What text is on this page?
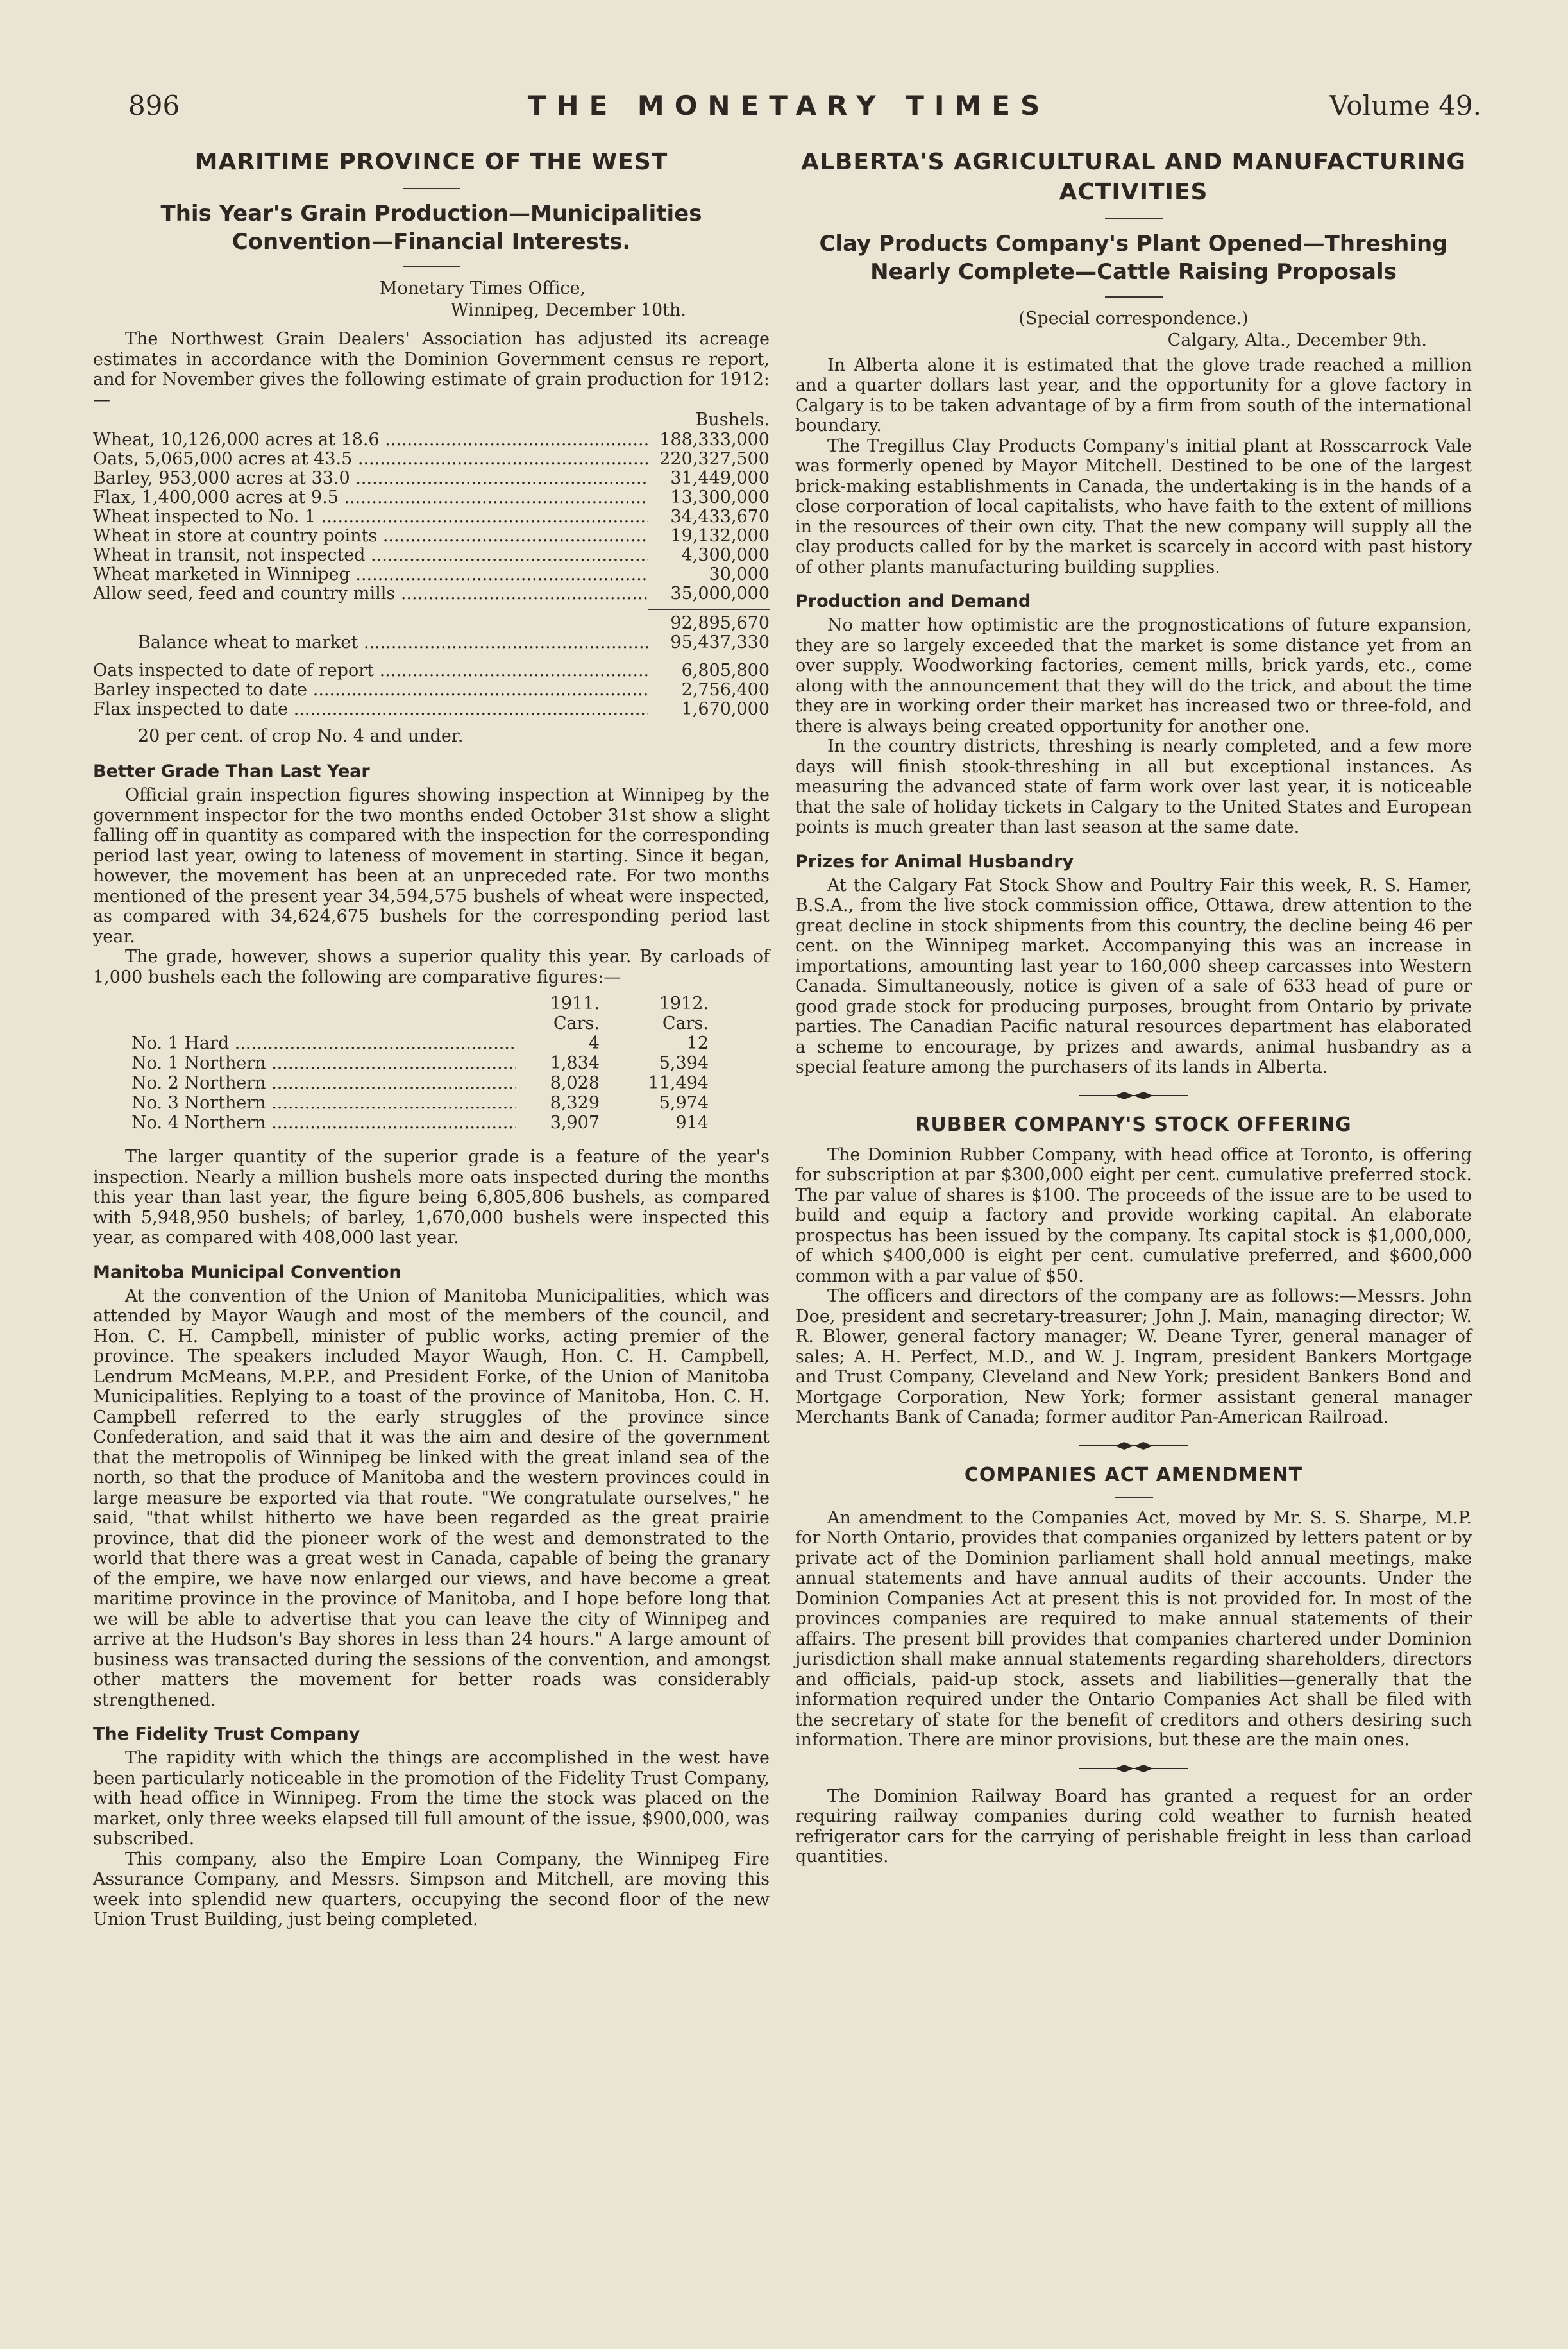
896	THE MONETARY TIMES	Volume 49.
MARITIME PROVINCE OF THE WEST
This Year's Grain Production—Municipalities Convention—Financial Interests.
Monetary Times Office,
Winnipeg, December 10th.

The Northwest Grain Dealers' Association has adjusted its acreage estimates in accordance with the Dominion Government census re report, and for November gives the following estimate of grain production for 1912:—

Bushels.
Wheat, 10,126,000 acres at 18.6 .....	188,333,000
Oats, 5,065,000 acres at 43.5 .....	220,327,500
Barley, 953,000 acres at 33.0 .....	31,449,000
Flax, 1,400,000 acres at 9.5 .....	13,300,000
Wheat inspected to No. 1 .....	34,433,670
Wheat in store at country points .....	19,132,000
Wheat in transit, not inspected .....	4,300,000
Wheat marketed in Winnipeg .....	30,000
Allow seed, feed and country mills .....	35,000,000
92,895,670
Balance wheat to market .....	95,437,330
Oats inspected to date of report .....	6,805,800
Barley inspected to date .....	2,756,400
Flax inspected to date .....	1,670,000
20 per cent. of crop No. 4 and under.
Better Grade Than Last Year

Official grain inspection figures showing inspection at Winnipeg by the government inspector for the two months ended October 31st show a slight falling off in quantity as compared with the inspection for the corresponding period last year, owing to lateness of movement in starting. Since it began, however, the movement has been at an unpreceded rate. For two months mentioned of the present year 34,594,575 bushels of wheat were inspected, as compared with 34,624,675 bushels for the corresponding period last year.

The grade, however, shows a superior quality this year. By carloads of 1,000 bushels each the following are comparative figures:—

1911.	1912.
Cars.	Cars.
No. 1 Hard .....	4	12
No. 1 Northern .....	1,834	5,394
No. 2 Northern .....	8,028	11,494
No. 3 Northern .....	8,329	5,974
No. 4 Northern .....	3,907	914

The larger quantity of the superior grade is a feature of the year's inspection. Nearly a million bushels more oats inspected during the months this year than last year, the figure being 6,805,806 bushels, as compared with 5,948,950 bushels; of barley, 1,670,000 bushels were inspected this year, as compared with 408,000 last year.

Manitoba Municipal Convention

At the convention of the Union of Manitoba Municipalities, which was attended by Mayor Waugh and most of the members of the council, and Hon. C. H. Campbell, minister of public works, acting premier of the province. The speakers included Mayor Waugh, Hon. C. H. Campbell, Lendrum McMeans, M.P.P., and President Forke, of the Union of Manitoba Municipalities. Replying to a toast of the province of Manitoba, Hon. C. H. Campbell referred to the early struggles of the province since Confederation, and said that it was the aim and desire of the government that the metropolis of Winnipeg be linked with the great inland sea of the north, so that the produce of Manitoba and the western provinces could in large measure be exported via that route. "We congratulate ourselves," he said, "that whilst hitherto we have been regarded as the great prairie province, that did the pioneer work of the west and demonstrated to the world that there was a great west in Canada, capable of being the granary of the empire, we have now enlarged our views, and have become a great maritime province in the province of Manitoba, and I hope before long that we will be able to advertise that you can leave the city of Winnipeg and arrive at the Hudson's Bay shores in less than 24 hours." A large amount of business was transacted during the sessions of the convention, and amongst other matters the movement for better roads was considerably strengthened.

The Fidelity Trust Company

The rapidity with which the things are accomplished in the west have been particularly noticeable in the promotion of the Fidelity Trust Company, with head office in Winnipeg. From the time the stock was placed on the market, only three weeks elapsed till full amount of the issue, $900,000, was subscribed.

This company, also the Empire Loan Company, the Winnipeg Fire Assurance Company, and Messrs. Simpson and Mitchell, are moving this week into splendid new quarters, occupying the second floor of the new Union Trust Building, just being completed.

ALBERTA'S AGRICULTURAL AND MANUFACTURING ACTIVITIES
Clay Products Company's Plant Opened—Threshing Nearly Complete—Cattle Raising Proposals
(Special correspondence.)
Calgary, Alta., December 9th.

In Alberta alone it is estimated that the glove trade reached a million and a quarter dollars last year, and the opportunity for a glove factory in Calgary is to be taken advantage of by a firm from south of the international boundary.

The Tregillus Clay Products Company's initial plant at Rosscarrock Vale was formerly opened by Mayor Mitchell. Destined to be one of the largest brick-making establishments in Canada, the undertaking is in the hands of a close corporation of local capitalists, who have faith to the extent of millions in the resources of their own city. That the new company will supply all the clay products called for by the market is scarcely in accord with past history of other plants manufacturing building supplies.

Production and Demand

No matter how optimistic are the prognostications of future expansion, they are so largely exceeded that the market is some distance yet from an over supply. Woodworking factories, cement mills, brick yards, etc., come along with the announcement that they will do the trick, and about the time they are in working order their market has increased two or three-fold, and there is always being created opportunity for another one.

In the country districts, threshing is nearly completed, and a few more days will finish stook-threshing in all but exceptional instances. As measuring the advanced state of farm work over last year, it is noticeable that the sale of holiday tickets in Calgary to the United States and European points is much greater than last season at the same date.

Prizes for Animal Husbandry

At the Calgary Fat Stock Show and Poultry Fair this week, R. S. Hamer, B.S.A., from the live stock commission office, Ottawa, drew attention to the great decline in stock shipments from this country, the decline being 46 per cent. on the Winnipeg market. Accompanying this was an increase in importations, amounting last year to 160,000 sheep carcasses into Western Canada. Simultaneously, notice is given of a sale of 633 head of pure or good grade stock for producing purposes, brought from Ontario by private parties. The Canadian Pacific natural resources department has elaborated a scheme to encourage, by prizes and awards, animal husbandry as a special feature among the purchasers of its lands in Alberta.

RUBBER COMPANY'S STOCK OFFERING

The Dominion Rubber Company, with head office at Toronto, is offering for subscription at par $300,000 eight per cent. cumulative preferred stock. The par value of shares is $100. The proceeds of the issue are to be used to build and equip a factory and provide working capital. An elaborate prospectus has been issued by the company. Its capital stock is $1,000,000, of which $400,000 is eight per cent. cumulative preferred, and $600,000 common with a par value of $50.

The officers and directors of the company are as follows:—Messrs. John Doe, president and secretary-treasurer; John J. Main, managing director; W. R. Blower, general factory manager; W. Deane Tyrer, general manager of sales; A. H. Perfect, M.D., and W. J. Ingram, president Bankers Mortgage and Trust Company, Cleveland and New York; president Bankers Bond and Mortgage Corporation, New York; former assistant general manager Merchants Bank of Canada; former auditor Pan-American Railroad.

COMPANIES ACT AMENDMENT

An amendment to the Companies Act, moved by Mr. S. S. Sharpe, M.P. for North Ontario, provides that companies organized by letters patent or by private act of the Dominion parliament shall hold annual meetings, make annual statements and have annual audits of their accounts. Under the Dominion Companies Act at present this is not provided for. In most of the provinces companies are required to make annual statements of their affairs. The present bill provides that companies chartered under Dominion jurisdiction shall make annual statements regarding shareholders, directors and officials, paid-up stock, assets and liabilities—generally that the information required under the Ontario Companies Act shall be filed with the secretary of state for the benefit of creditors and others desiring such information. There are minor provisions, but these are the main ones.

The Dominion Railway Board has granted a request for an order requiring railway companies during cold weather to furnish heated refrigerator cars for the carrying of perishable freight in less than carload quantities.
